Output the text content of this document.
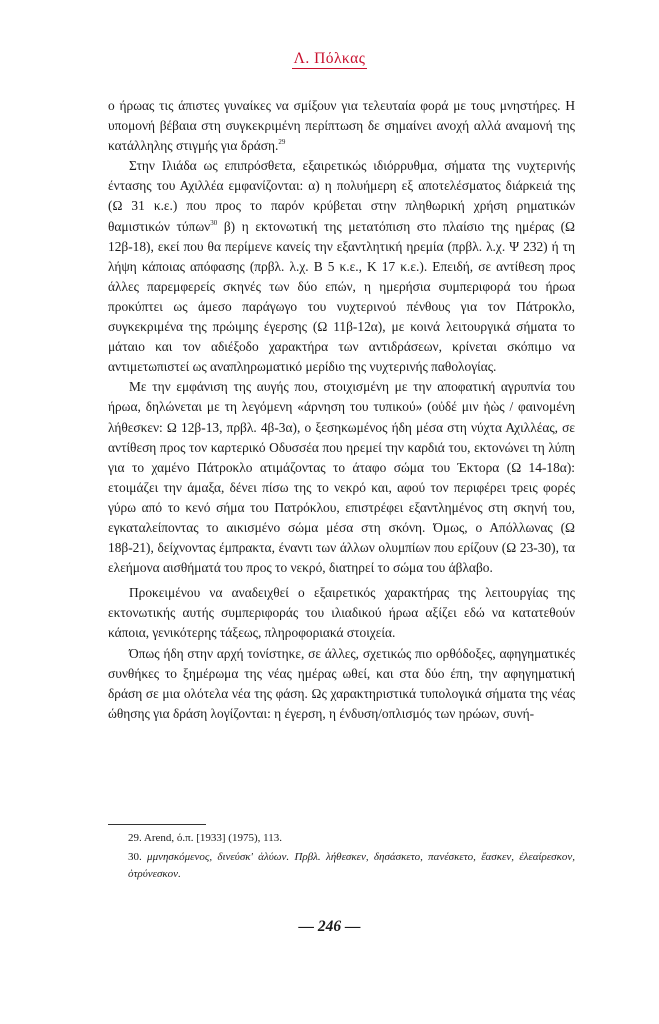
Λ. Πόλκας

ο ήρωας τις άπιστες γυναίκες να σμίξουν για τελευταία φορά με τους μνηστήρες. Η υπομονή βέβαια στη συγκεκριμένη περίπτωση δε σημαίνει ανοχή αλλά αναμονή της κατάλληλης στιγμής για δράση.$^{29}$

Στην Ιλιάδα ως επιπρόσθετα, εξαιρετικώς ιδιόρρυθμα, σήματα της νυχτερινής έντασης του Αχιλλέα εμφανίζονται: α) η πολυήμερη εξ αποτελέσματος διάρκειά της (Ω 31 κ.ε.) που προς το παρόν κρύβεται στην πληθωρική χρήση ρηματικών θαμιστικών τύπων$^{30}$ β) η εκτονωτική της μετατόπιση στο πλαίσιο της ημέρας (Ω 12β-18), εκεί που θα περίμενε κανείς την εξαντλητική ηρεμία (πρβλ. λ.χ. Ψ 232) ή τη λήψη κάποιας απόφασης (πρβλ. λ.χ. Β 5 κ.ε., Κ 17 κ.ε.). Επειδή, σε αντίθεση προς άλλες παρεμφερείς σκηνές των δύο επών, η ημερήσια συμπεριφορά του ήρωα προκύπτει ως άμεσο παράγωγο του νυχτερινού πένθους για τον Πάτροκλο, συγκεκριμένα της πρώιμης έγερσης (Ω 11β-12α), με κοινά λειτουργικά σήματα το μάταιο και τον αδιέξοδο χαρακτήρα των αντιδράσεων, κρίνεται σκόπιμο να αντιμετωπιστεί ως αναπληρωματικό μερίδιο της νυχτερινής παθολογίας.

Με την εμφάνιση της αυγής που, στοιχισμένη με την αποφατική αγρυπνία του ήρωα, δηλώνεται με τη λεγόμενη «άρνηση του τυπικού» (οὐδέ μιν ἠὼς / φαινομένη λήθεσκεν: Ω 12β-13, πρβλ. 4β-3α), ο ξεσηκωμένος ήδη μέσα στη νύχτα Αχιλλέας, σε αντίθεση προς τον καρτερικό Οδυσσέα που ηρεμεί την καρδιά του, εκτονώνει τη λύπη για το χαμένο Πάτροκλο ατιμάζοντας το άταφο σώμα του Έκτορα (Ω 14-18α): ετοιμάζει την άμαξα, δένει πίσω της το νεκρό και, αφού τον περιφέρει τρεις φορές γύρω από το κενό σήμα του Πατρόκλου, επιστρέφει εξαντλημένος στη σκηνή του, εγκαταλείποντας το αικισμένο σώμα μέσα στη σκόνη. Όμως, ο Απόλλωνας (Ω 18β-21), δείχνοντας έμπρακτα, έναντι των άλλων ολυμπίων που ερίζουν (Ω 23-30), τα ελεήμονα αισθήματά του προς το νεκρό, διατηρεί το σώμα του άβλαβο.

Προκειμένου να αναδειχθεί ο εξαιρετικός χαρακτήρας της λειτουργίας της εκτονωτικής αυτής συμπεριφοράς του ιλιαδικού ήρωα αξίζει εδώ να κατατεθούν κάποια, γενικότερης τάξεως, πληροφοριακά στοιχεία.

Όπως ήδη στην αρχή τονίστηκε, σε άλλες, σχετικώς πιο ορθόδοξες, αφηγηματικές συνθήκες το ξημέρωμα της νέας ημέρας ωθεί, και στα δύο έπη, την αφηγηματική δράση σε μια ολότελα νέα της φάση. Ως χαρακτηριστικά τυπολογικά σήματα της νέας ώθησης για δράση λογίζονται: η έγερση, η ένδυση/οπλισμός των ηρώων, συνή-

29. Arend, ό.π. [1933] (1975), 113.

30. μμνησκόμενος, δινεύσκ' ἀλύων. Πρβλ. λήθεσκεν, δησάσκετο, πανέσκετο, ἔασκεν, ἐλεαίρεσκον, ὀτρύνεσκον.

— 246 —
